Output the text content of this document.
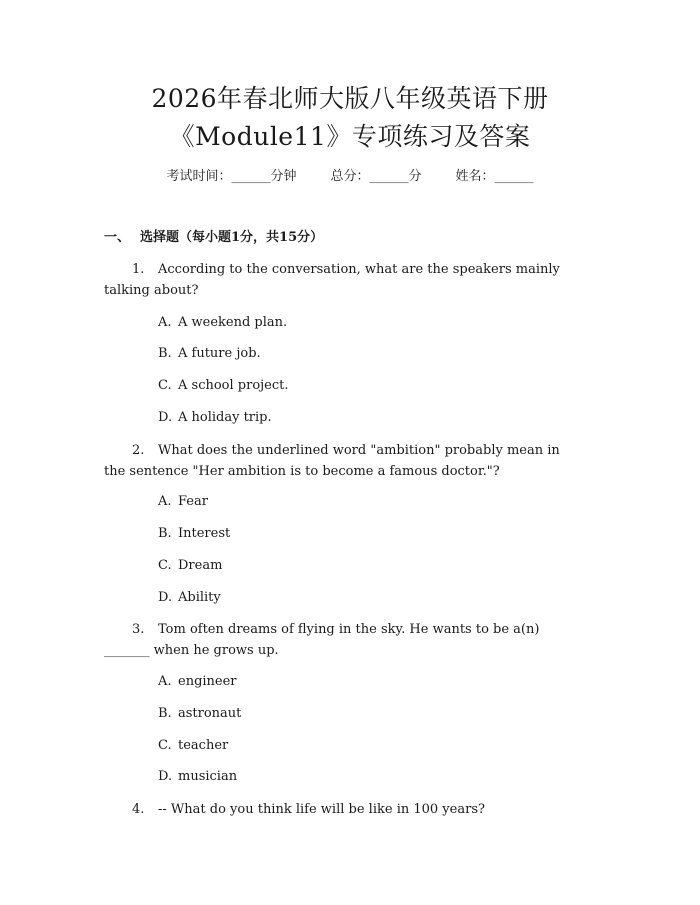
2026年春北师大版八年级英语下册
《Module11》专项练习及答案
考试时间：______分钟	总分：______分	姓名：______
一、 选择题（每小题1分，共15分）
1. According to the conversation, what are the speakers mainly talking about?
A. A weekend plan.
B. A future job.
C. A school project.
D. A holiday trip.
2. What does the underlined word "ambition" probably mean in the sentence "Her ambition is to become a famous doctor."?
A. Fear
B. Interest
C. Dream
D. Ability
3. Tom often dreams of flying in the sky. He wants to be a(n) _______ when he grows up.
A. engineer
B. astronaut
C. teacher
D. musician
4. -- What do you think life will be like in 100 years?
